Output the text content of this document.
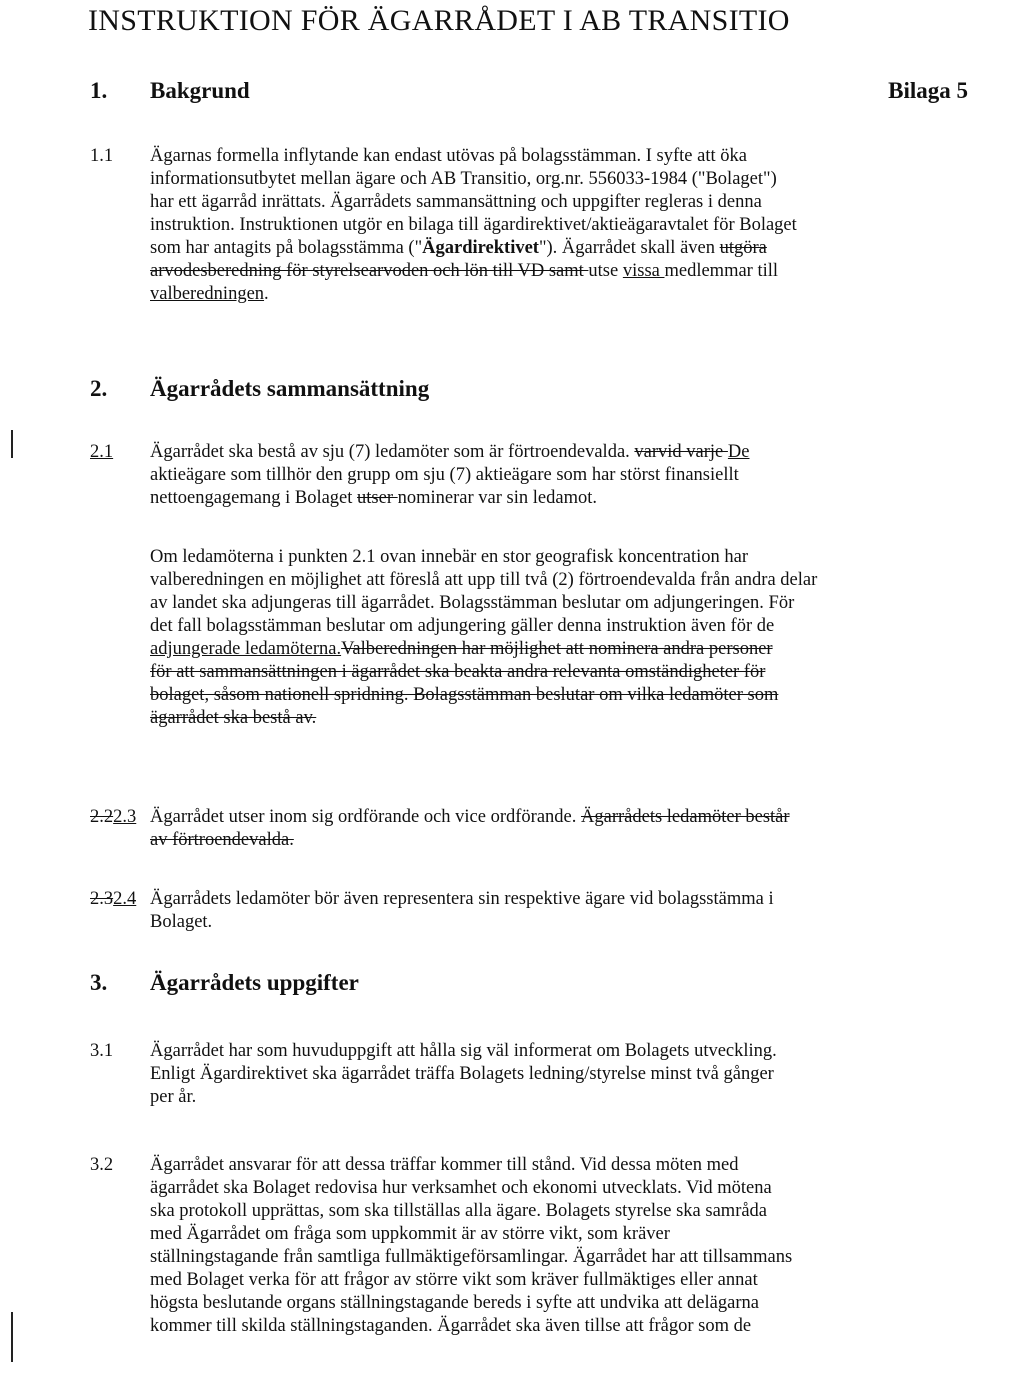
INSTRUKTION FÖR ÄGARRÅDET I AB TRANSITIO
1. Bakgrund	Bilaga 5
1.1 Ägarnas formella inflytande kan endast utövas på bolagsstämman. I syfte att öka
informationsutbytet mellan ägare och AB Transitio, org.nr. 556033-1984 ("Bolaget")
har ett ägarråd inrättats. Ägarrådets sammansättning och uppgifter regleras i denna
instruktion. Instruktionen utgör en bilaga till ägardirektivet/aktieägaravtalet för Bolaget
som har antagits på bolagsstämma ("Ägardirektivet"). Ägarrådet skall även utgöra
arvodesberedning för styrelsearvoden och lön till VD samt utse vissa medlemmar till
valberedningen.
2. Ägarrådets sammansättning
2.1 Ägarrådet ska bestå av sju (7) ledamöter som är förtroendevalda. varvid varje De
aktieägare som tillhör den grupp om sju (7) aktieägare som har störst finansiellt
nettoengagemang i Bolaget utser nominerar var sin ledamot.
Om ledamöterna i punkten 2.1 ovan innebär en stor geografisk koncentration har
valberedningen en möjlighet att föreslå att upp till två (2) förtroendevalda från andra delar
av landet ska adjungeras till ägarrådet. Bolagsstämman beslutar om adjungeringen. För
det fall bolagsstämman beslutar om adjungering gäller denna instruktion även för de
adjungerade ledamöterna.Valberedningen har möjlighet att nominera andra personer
för att sammansättningen i ägarrådet ska beakta andra relevanta omständigheter för
bolaget, såsom nationell spridning. Bolagsstämman beslutar om vilka ledamöter som
ägarrådet ska bestå av.
2.22.3 Ägarrådet utser inom sig ordförande och vice ordförande. Ägarrådets ledamöter består
av förtroendevalda.
2.32.4 Ägarrådets ledamöter bör även representera sin respektive ägare vid bolagsstämma i
Bolaget.
3. Ägarrådets uppgifter
3.1 Ägarrådet har som huvuduppgift att hålla sig väl informerat om Bolagets utveckling.
Enligt Ägardirektivet ska ägarrådet träffa Bolagets ledning/styrelse minst två gånger
per år.
3.2 Ägarrådet ansvarar för att dessa träffar kommer till stånd. Vid dessa möten med
ägarrådet ska Bolaget redovisa hur verksamhet och ekonomi utvecklats. Vid mötena
ska protokoll upprättas, som ska tillställas alla ägare. Bolagets styrelse ska samråda
med Ägarrådet om fråga som uppkommit är av större vikt, som kräver
ställningstagande från samtliga fullmäktigeförsamlingar. Ägarrådet har att tillsammans
med Bolaget verka för att frågor av större vikt som kräver fullmäktiges eller annat
högsta beslutande organs ställningstagande bereds i syfte att undvika att delägarna
kommer till skilda ställningstaganden. Ägarrådet ska även tillse att frågor som de
